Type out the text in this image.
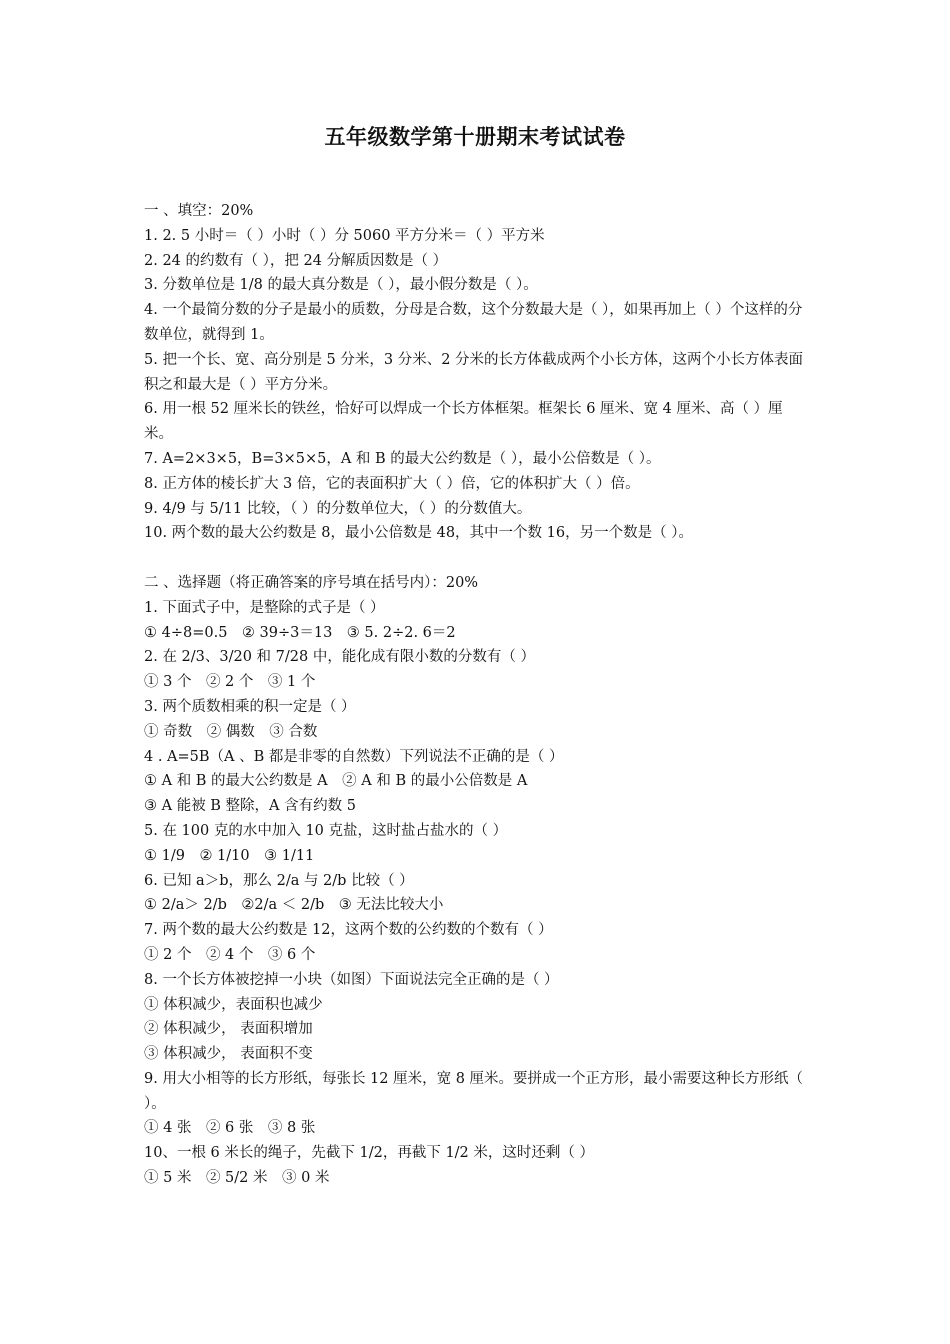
五年级数学第十册期末考试试卷
一 、填空：20%
1. 2. 5 小时＝（ ）小时（ ）分 5060 平方分米＝（ ）平方米
2. 24 的约数有（ ），把 24 分解质因数是（ ）
3. 分数单位是 1/8 的最大真分数是（ ），最小假分数是（ ）。
4. 一个最简分数的分子是最小的质数，分母是合数，这个分数最大是（ ），如果再加上（ ）个这样的分数单位，就得到 1。
5. 把一个长、宽、高分别是 5 分米，3 分米、2 分米的长方体截成两个小长方体，这两个小长方体表面积之和最大是（ ）平方分米。
6. 用一根 52 厘米长的铁丝，恰好可以焊成一个长方体框架。框架长 6 厘米、宽 4 厘米、高（ ）厘米。
7. A=2×3×5，B=3×5×5，A 和 B 的最大公约数是（ ），最小公倍数是（ ）。
8. 正方体的棱长扩大 3 倍，它的表面积扩大（ ）倍，它的体积扩大（ ）倍。
9. 4/9 与 5/11 比较，（ ）的分数单位大，（ ）的分数值大。
10. 两个数的最大公约数是 8，最小公倍数是 48，其中一个数 16，另一个数是（ ）。
二 、选择题（将正确答案的序号填在括号内）：20%
1. 下面式子中，是整除的式子是（ ）
① 4÷8=0.5　② 39÷3＝13　③ 5. 2÷2. 6＝2
2. 在 2/3、3/20 和 7/28 中，能化成有限小数的分数有（ ）
① 3 个　② 2 个　③ 1 个
3. 两个质数相乘的积一定是（ ）
① 奇数　② 偶数　③ 合数
4 . A=5B（A 、B 都是非零的自然数）下列说法不正确的是（ ）
① A 和 B 的最大公约数是 A　② A 和 B 的最小公倍数是 A
③ A 能被 B 整除，A 含有约数 5
5. 在 100 克的水中加入 10 克盐，这时盐占盐水的（ ）
① 1/9　② 1/10　③ 1/11
6. 已知 a＞b，那么 2/a 与 2/b 比较（ ）
① 2/a＞ 2/b　②2/a ＜ 2/b　③ 无法比较大小
7. 两个数的最大公约数是 12，这两个数的公约数的个数有（ ）
① 2 个　② 4 个　③ 6 个
8. 一个长方体被挖掉一小块（如图）下面说法完全正确的是（ ）
① 体积减少，表面积也减少
② 体积减少， 表面积增加
③ 体积减少， 表面积不变
9. 用大小相等的长方形纸，每张长 12 厘米，宽 8 厘米。要拼成一个正方形，最小需要这种长方形纸（ ）。
① 4 张　② 6 张　③ 8 张
10、一根 6 米长的绳子，先截下 1/2，再截下 1/2 米，这时还剩（ ）
① 5 米　② 5/2 米　③ 0 米
